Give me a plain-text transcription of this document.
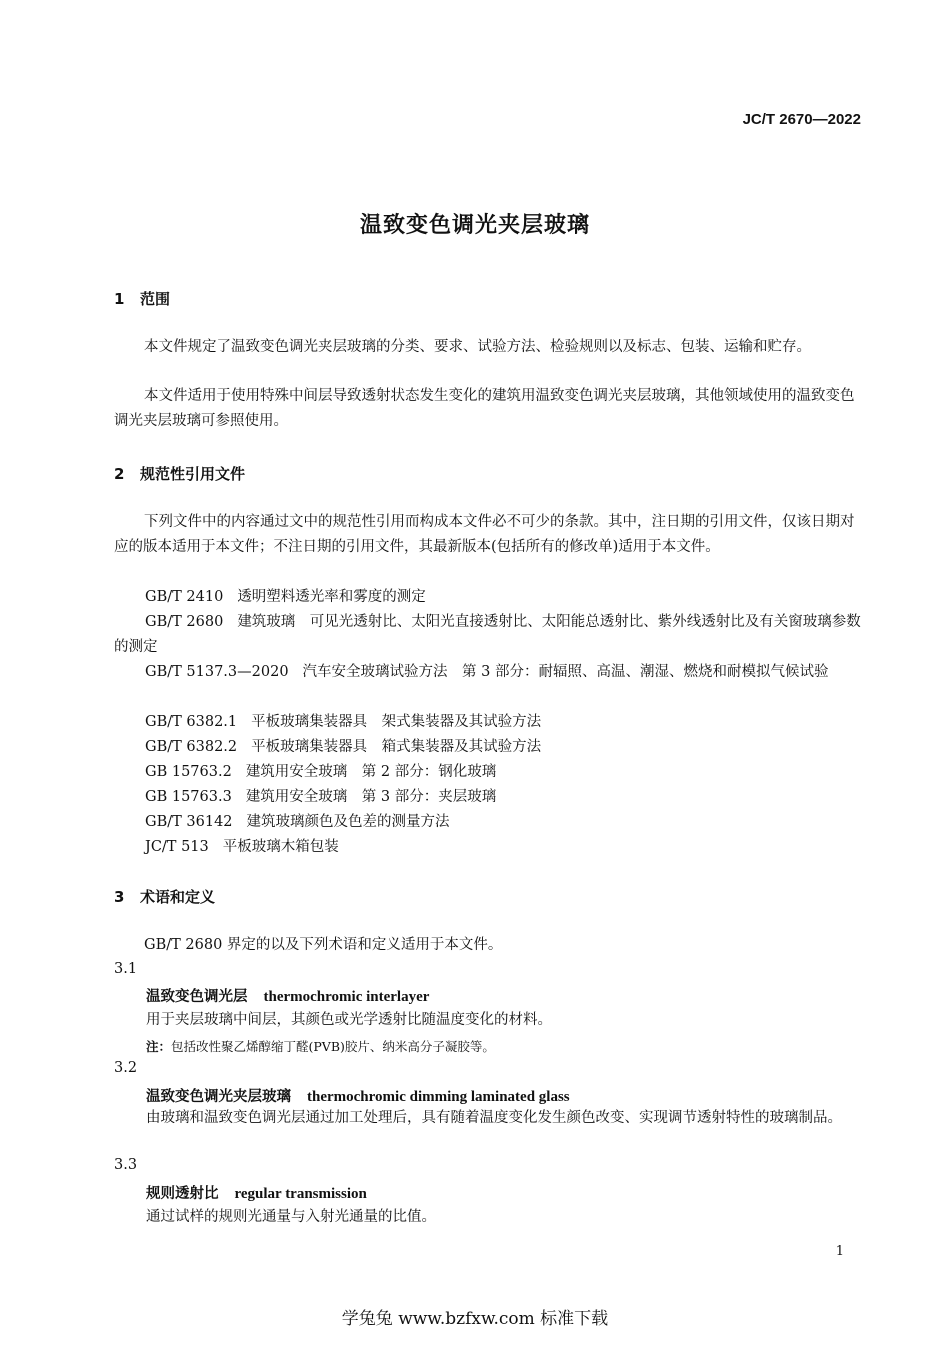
JC/T 2670—2022
温致变色调光夹层玻璃
1 范围
本文件规定了温致变色调光夹层玻璃的分类、要求、试验方法、检验规则以及标志、包装、运输和贮存。
本文件适用于使用特殊中间层导致透射状态发生变化的建筑用温致变色调光夹层玻璃，其他领域使用的温致变色调光夹层玻璃可参照使用。
2 规范性引用文件
下列文件中的内容通过文中的规范性引用而构成本文件必不可少的条款。其中，注日期的引用文件，仅该日期对应的版本适用于本文件；不注日期的引用文件，其最新版本(包括所有的修改单)适用于本文件。
GB/T 2410 透明塑料透光率和雾度的测定
GB/T 2680 建筑玻璃　可见光透射比、太阳光直接透射比、太阳能总透射比、紫外线透射比及有关窗玻璃参数的测定
GB/T 5137.3—2020 汽车安全玻璃试验方法　第 3 部分：耐辐照、高温、潮湿、燃烧和耐模拟气候试验
GB/T 6382.1 平板玻璃集装器具　架式集装器及其试验方法
GB/T 6382.2 平板玻璃集装器具　箱式集装器及其试验方法
GB 15763.2 建筑用安全玻璃　第 2 部分：钢化玻璃
GB 15763.3 建筑用安全玻璃　第 3 部分：夹层玻璃
GB/T 36142 建筑玻璃颜色及色差的测量方法
JC/T 513 平板玻璃木箱包装
3 术语和定义
GB/T 2680 界定的以及下列术语和定义适用于本文件。
3.1
温致变色调光层 thermochromic interlayer
用于夹层玻璃中间层，其颜色或光学透射比随温度变化的材料。
注：包括改性聚乙烯醇缩丁醛(PVB)胶片、纳米高分子凝胶等。
3.2
温致变色调光夹层玻璃 thermochromic dimming laminated glass
由玻璃和温致变色调光层通过加工处理后，具有随着温度变化发生颜色改变、实现调节透射特性的玻璃制品。
3.3
规则透射比 regular transmission
通过试样的规则光通量与入射光通量的比值。
1
学兔兔 www.bzfxw.com 标准下载
